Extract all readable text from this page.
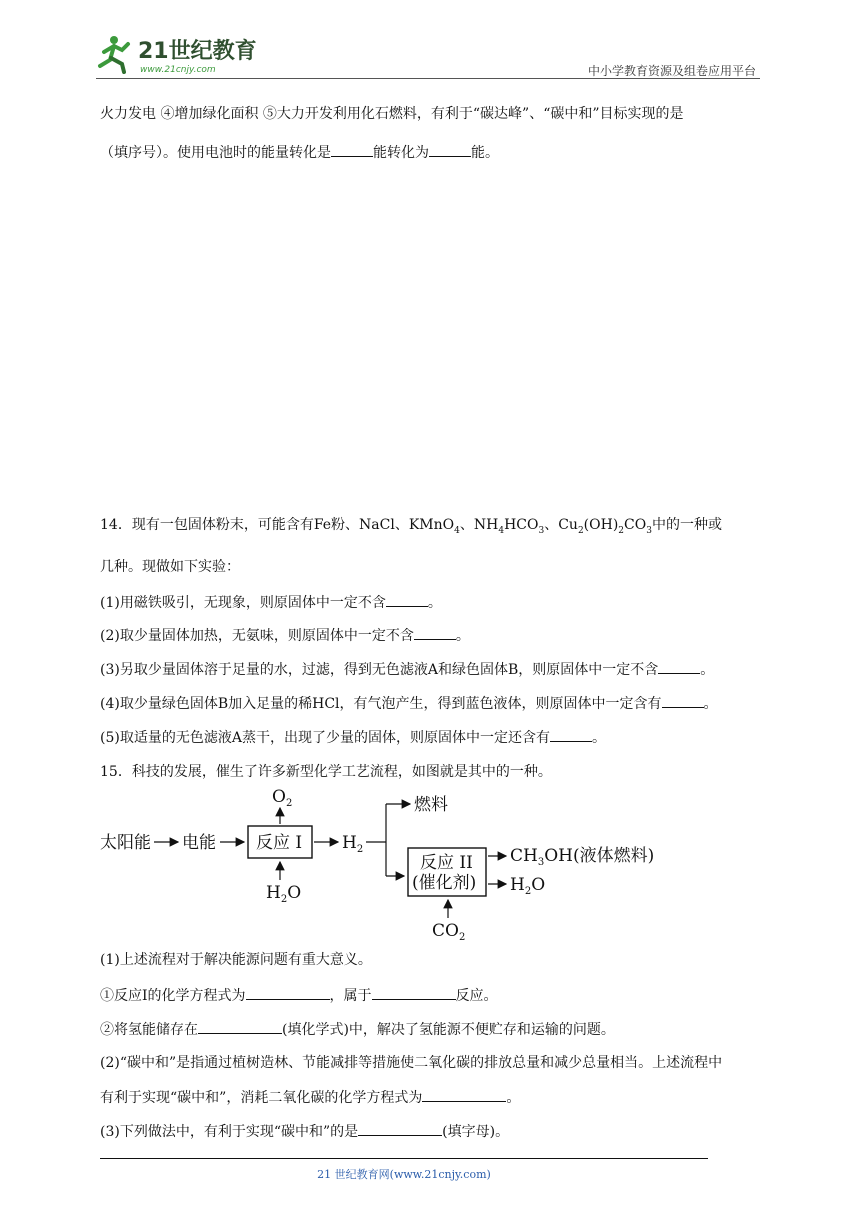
21世纪教育
www.21cnjy.com	中小学教育资源及组卷应用平台
火力发电 ④增加绿化面积 ⑤大力开发利用化石燃料，有利于“碳达峰”、“碳中和”目标实现的是
（填序号）。使用电池时的能量转化是	能转化为	能。
14．现有一包固体粉末，可能含有Fe粉、NaCl、KMnO$_4$、$NH_4HCO_3$、$Cu_2(OH)_2CO_3$中的一种或
几种。现做如下实验：
(1)用磁铁吸引，无现象，则原固体中一定不含	。
(2)取少量固体加热，无氨味，则原固体中一定不含	。
(3)另取少量固体溶于足量的水，过滤，得到无色滤液A和绿色固体B，则原固体中一定不含	。
(4)取少量绿色固体B加入足量的稀HCl，有气泡产生，得到蓝色液体，则原固体中一定含有	。
(5)取适量的无色滤液A蒸干，出现了少量的固体，则原固体中一定还含有	。
15．科技的发展，催生了许多新型化学工艺流程，如图就是其中的一种。
太阳能 电能 反应 I
$O_2$
$H_2O$
$H_2$
燃料
反应 II
(催化剂)
$CH_3OH$(液体燃料)
$H_2O$
$CO_2$
(1)上述流程对于解决能源问题有重大意义。
①反应Ⅰ的化学方程式为	，属于	反应。
②将氢能储存在	(填化学式)中，解决了氢能源不便贮存和运输的问题。
(2)“碳中和”是指通过植树造林、节能减排等措施使二氧化碳的排放总量和减少总量相当。上述流程中
有利于实现“碳中和”，消耗二氧化碳的化学方程式为	。
(3)下列做法中，有利于实现“碳中和”的是	(填字母)。
21 世纪教育网(www.21cnjy.com)
